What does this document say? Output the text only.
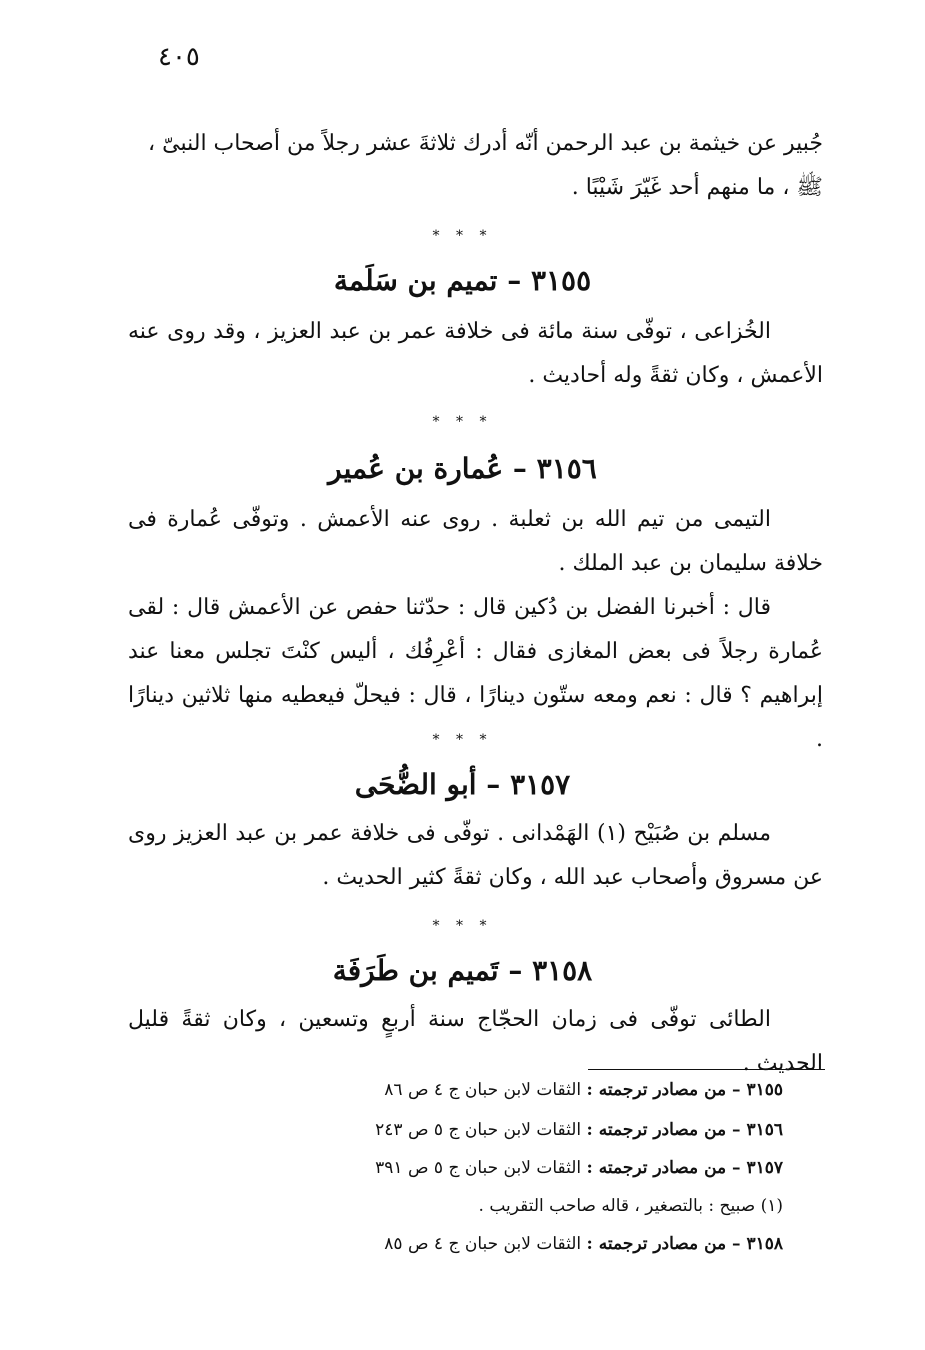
٤٠٥

جُبير عن خيثمة بن عبد الرحمن أنّه أدرك ثلاثةَ عشر رجلاً من أصحاب النبىّ ،

ﷺ ، ما منهم أحد غَيّرَ شَيْبًا .

* * *
٣١٥٥ – تميم بن سَلَمة

الخُزاعى ، توفّى سنة مائة فى خلافة عمر بن عبد العزيز ، وقد روى عنه الأعمش ، وكان ثقةً وله أحاديث .

* * *
٣١٥٦ – عُمارة بن عُمير

التيمى من تيم الله بن ثعلبة . روى عنه الأعمش . وتوفّى عُمارة فى خلافة سليمان بن عبد الملك .

قال : أخبرنا الفضل بن دُكين قال : حدّثنا حفص عن الأعمش قال : لقى عُمارة رجلاً فى بعض المغازى فقال : أعْرِفُك ، أليس كنْتَ تجلس معنا عند إبراهيم ؟ قال : نعم ومعه ستّون دينارًا ، قال : فيحلّ فيعطيه منها ثلاثين دينارًا .

* * *
٣١٥٧ – أبو الضُّحَى

مسلم بن صُبَيْح (١) الهَمْدانى . توفّى فى خلافة عمر بن عبد العزيز روى عن مسروق وأصحاب عبد الله ، وكان ثقةً كثير الحديث .

* * *
٣١٥٨ – تَميم بن طَرَفَة

الطائى توفّى فى زمان الحجّاج سنة أربعٍ وتسعين ، وكان ثقةً قليل الحديث .

٣١٥٥ – من مصادر ترجمته : الثقات لابن حبان ج ٤ ص ٨٦
٣١٥٦ – من مصادر ترجمته : الثقات لابن حبان ج ٥ ص ٢٤٣
٣١٥٧ – من مصادر ترجمته : الثقات لابن حبان ج ٥ ص ٣٩١
(١) صبيح : بالتصغير ، قاله صاحب التقريب .
٣١٥٨ – من مصادر ترجمته : الثقات لابن حبان ج ٤ ص ٨٥
